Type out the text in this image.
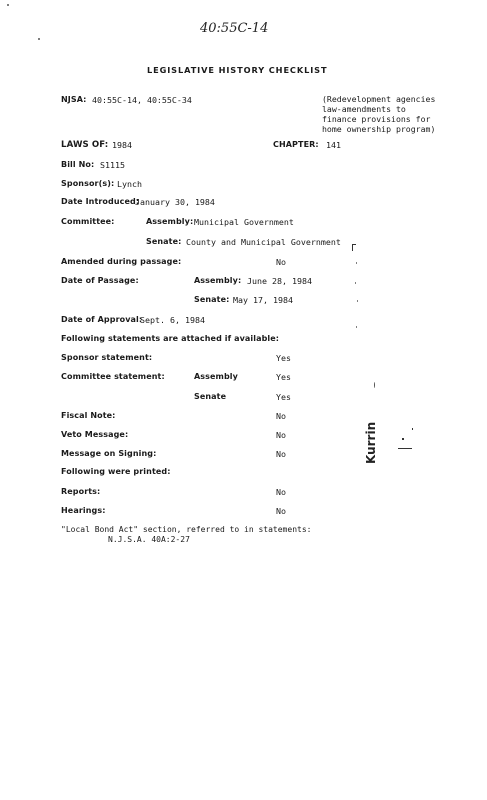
40:55C-14
LEGISLATIVE HISTORY CHECKLIST
NJSA: 40:55C-14, 40:55C-34	(Redevelopment agencies
law-amendments to
finance provisions for
home ownership program)
LAWS OF: 1984	CHAPTER: 141
Bill No: S1115
Sponsor(s): Lynch
Date Introduced:
January 30, 1984
Committee:	Assembly: Municipal Government
Senate: County and Municipal Government
Amended during passage:	No
Date of Passage:	Assembly: June 28, 1984
Senate: May 17, 1984
Date of Approval:
Sept. 6, 1984
Following statements are attached if available:
Sponsor statement:	Yes
Committee statement:	Assembly	Yes
Senate	Yes
Fiscal Note:	No
Veto Message:	No
Message on Signing:	No
Following were printed:
Reports:	No
Hearings:	No
"Local Bond Act" section, referred to in statements:
N.J.S.A. 40A:2-27
Kurrin
